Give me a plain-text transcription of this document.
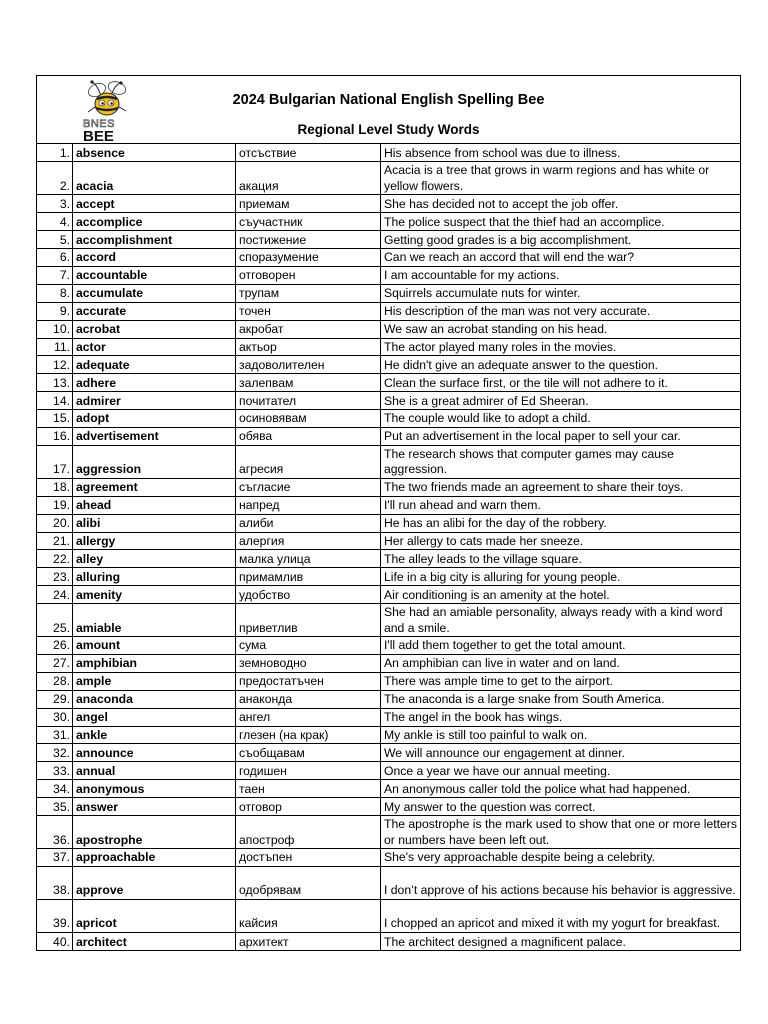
BNES
BEE
2024 Bulgarian National English Spelling Bee
Regional Level Study Words
1.	absence	отсъствие	His absence from school was due to illness.
2.	acacia	акация	Acacia is a tree that grows in warm regions and has white or yellow flowers.
3.	accept	приемам	She has decided not to accept the job offer.
4.	accomplice	съучастник	The police suspect that the thief had an accomplice.
5.	accomplishment	постижение	Getting good grades is a big accomplishment.
6.	accord	споразумение	Can we reach an accord that will end the war?
7.	accountable	отговорен	I am accountable for my actions.
8.	accumulate	трупам	Squirrels accumulate nuts for winter.
9.	accurate	точен	His description of the man was not very accurate.
10.	acrobat	акробат	We saw an acrobat standing on his head.
11.	actor	актьор	The actor played many roles in the movies.
12.	adequate	задоволителен	He didn't give an adequate answer to the question.
13.	adhere	залепвам	Clean the surface first, or the tile will not adhere to it.
14.	admirer	почитател	She is a great admirer of Ed Sheeran.
15.	adopt	осиновявам	The couple would like to adopt a child.
16.	advertisement	обява	Put an advertisement in the local paper to sell your car.
17.	aggression	агресия	The research shows that computer games may cause aggression.
18.	agreement	съгласие	The two friends made an agreement to share their toys.
19.	ahead	напред	I'll run ahead and warn them.
20.	alibi	алиби	He has an alibi for the day of the robbery.
21.	allergy	алергия	Her allergy to cats made her sneeze.
22.	alley	малка улица	The alley leads to the village square.
23.	alluring	примамлив	Life in a big city is alluring for young people.
24.	amenity	удобство	Air conditioning is an amenity at the hotel.
25.	amiable	приветлив	She had an amiable personality, always ready with a kind word and a smile.
26.	amount	сума	I'll add them together to get the total amount.
27.	amphibian	земноводно	An amphibian can live in water and on land.
28.	ample	предостатъчен	There was ample time to get to the airport.
29.	anaconda	анаконда	The anaconda is a large snake from South America.
30.	angel	ангел	The angel in the book has wings.
31.	ankle	глезен (на крак)	My ankle is still too painful to walk on.
32.	announce	съобщавам	We will announce our engagement at dinner.
33.	annual	годишен	Once a year we have our annual meeting.
34.	anonymous	таен	An anonymous caller told the police what had happened.
35.	answer	отговор	My answer to the question was correct.
36.	apostrophe	апостроф	The apostrophe is the mark used to show that one or more letters or numbers have been left out.
37.	approachable	достъпен	She's very approachable despite being a celebrity.
38.	approve	одобрявам	I don’t approve of his actions because his behavior is aggressive.
39.	apricot	кайсия	I chopped an apricot and mixed it with my yogurt for breakfast.
40.	architect	архитект	The architect designed a magnificent palace.
